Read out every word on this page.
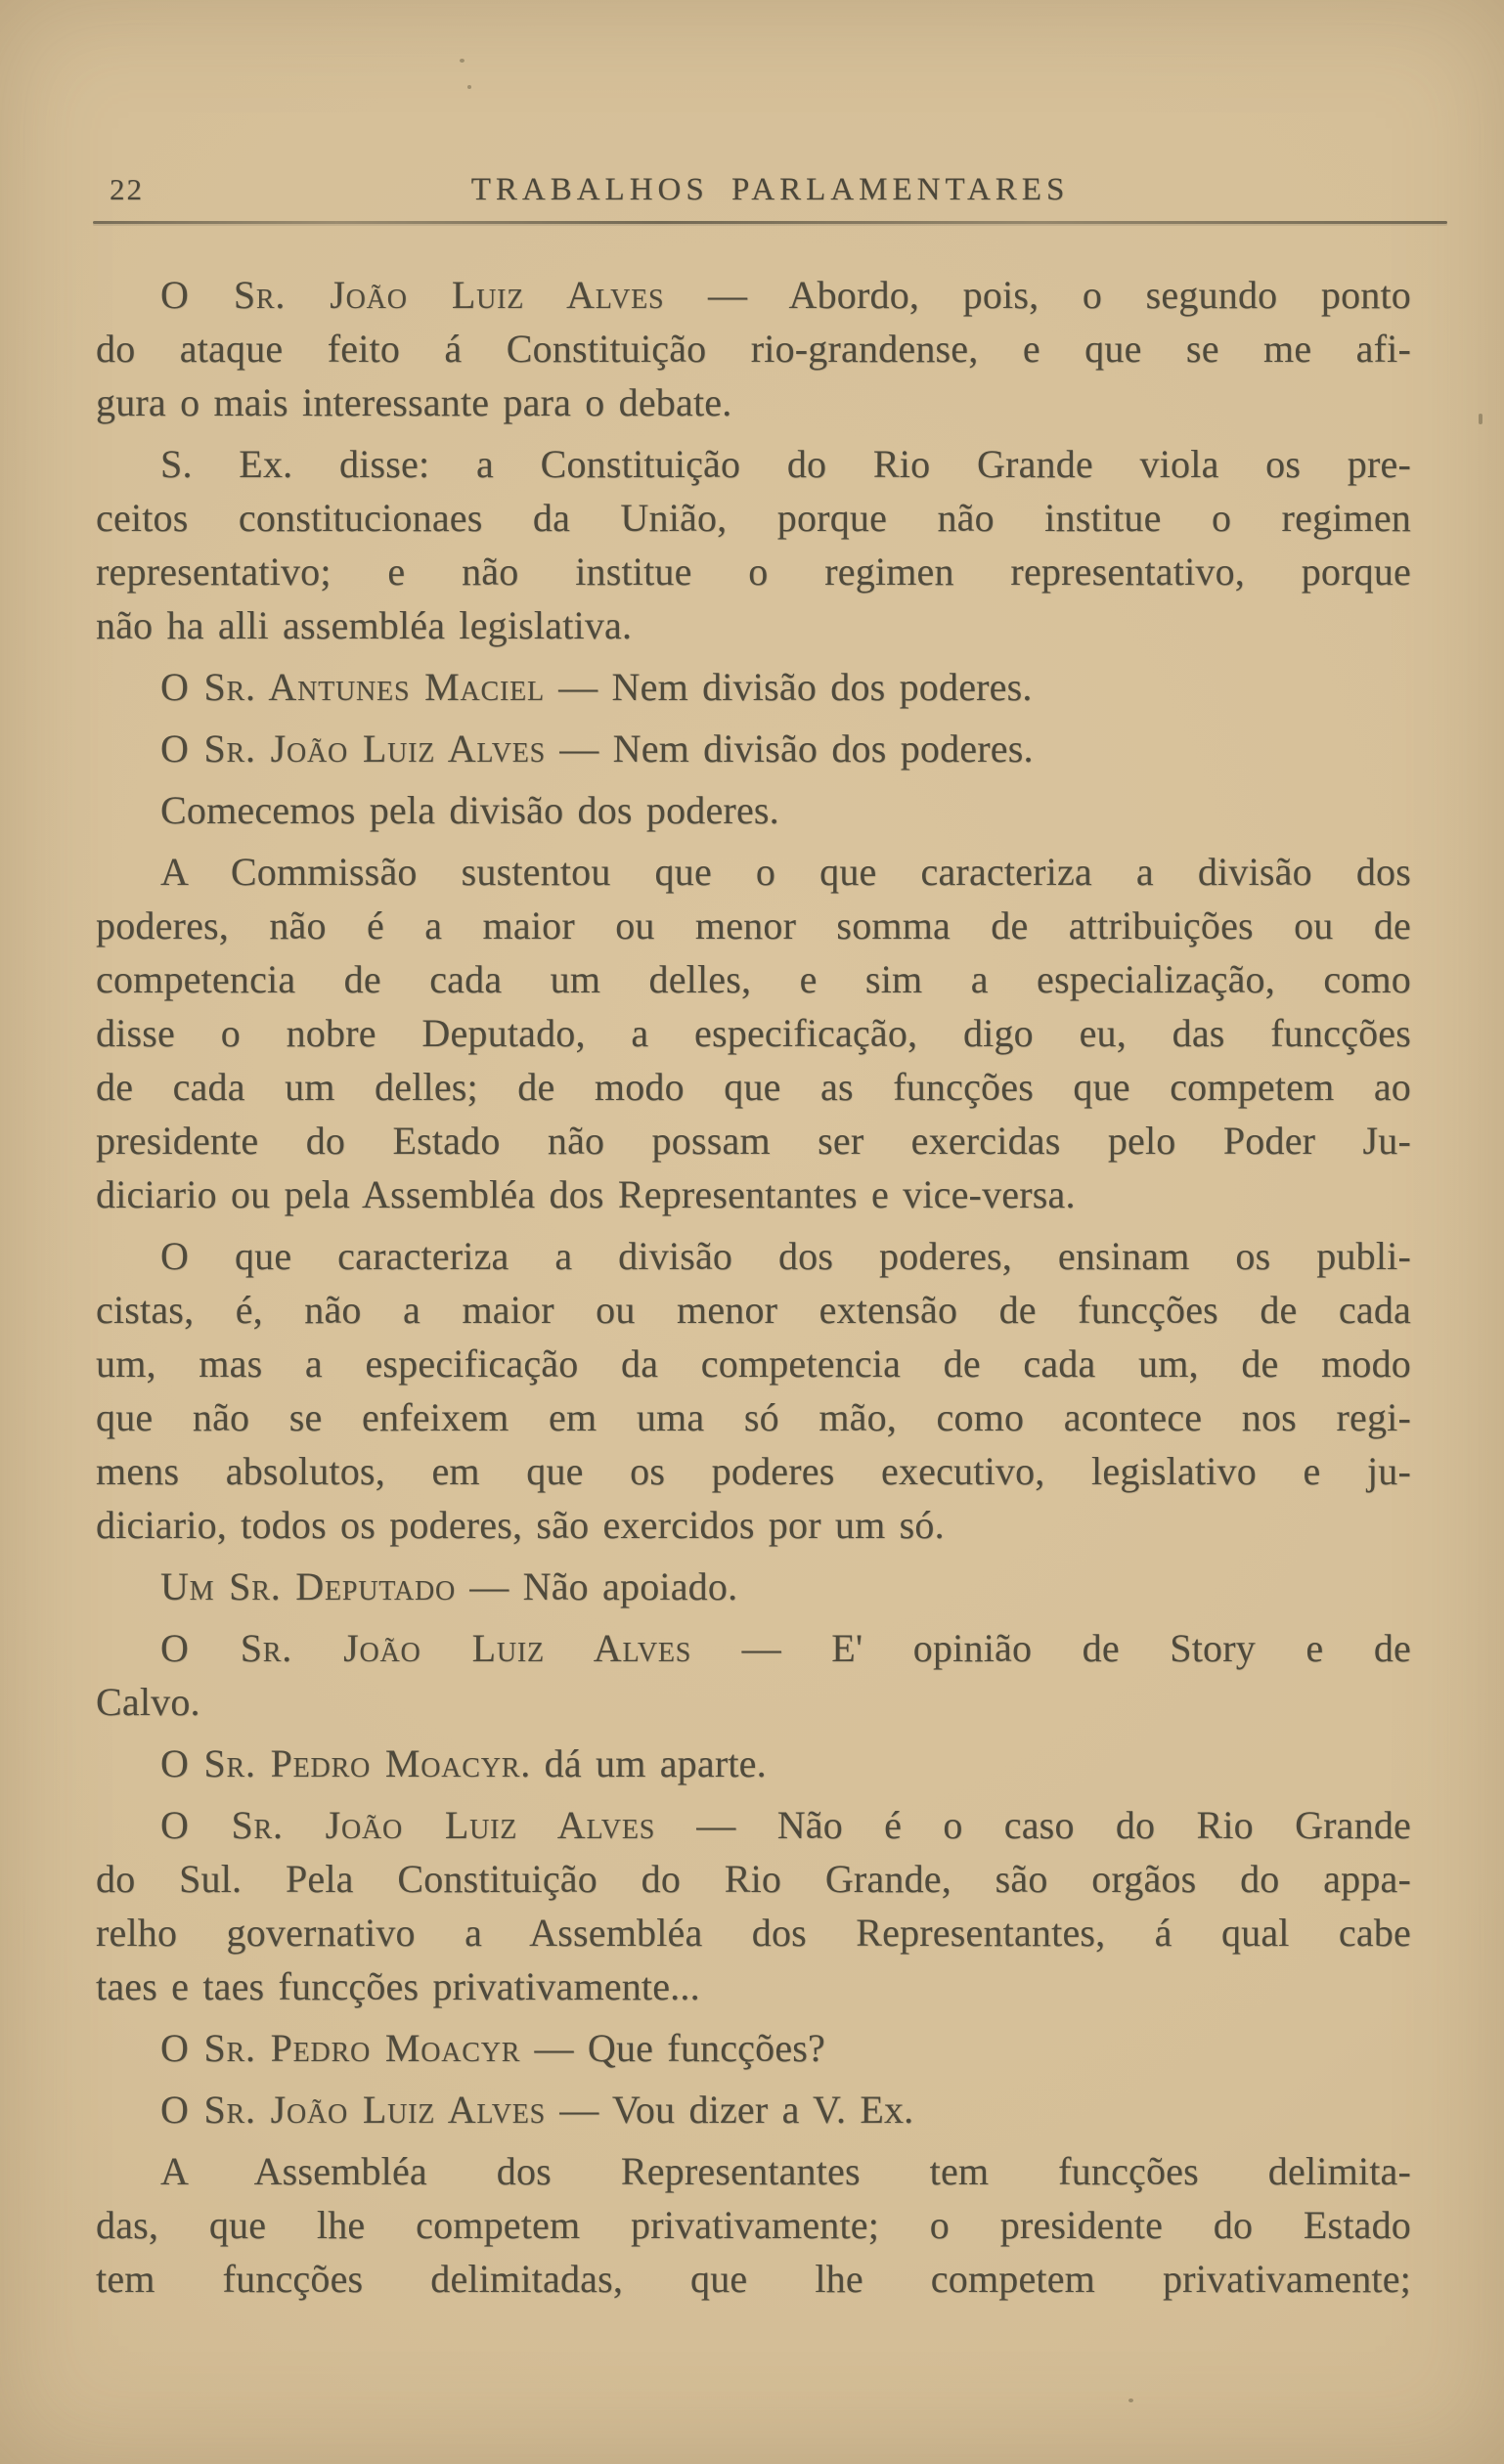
22	TRABALHOS PARLAMENTARES
O Sr. João Luiz Alves — Abordo, pois, o segundo ponto
do ataque feito á Constituição rio-grandense, e que se me afi-
gura o mais interessante para o debate.
S. Ex. disse: a Constituição do Rio Grande viola os pre-
ceitos constitucionaes da União, porque não institue o regimen
representativo; e não institue o regimen representativo, porque
não ha alli assembléa legislativa.
O Sr. Antunes Maciel — Nem divisão dos poderes.
O Sr. João Luiz Alves — Nem divisão dos poderes.
Comecemos pela divisão dos poderes.
A Commissão sustentou que o que caracteriza a divisão dos
poderes, não é a maior ou menor somma de attribuições ou de
competencia de cada um delles, e sim a especialização, como
disse o nobre Deputado, a especificação, digo eu, das funcções
de cada um delles; de modo que as funcções que competem ao
presidente do Estado não possam ser exercidas pelo Poder Ju-
diciario ou pela Assembléa dos Representantes e vice-versa.
O que caracteriza a divisão dos poderes, ensinam os publi-
cistas, é, não a maior ou menor extensão de funcções de cada
um, mas a especificação da competencia de cada um, de modo
que não se enfeixem em uma só mão, como acontece nos regi-
mens absolutos, em que os poderes executivo, legislativo e ju-
diciario, todos os poderes, são exercidos por um só.
Um Sr. Deputado — Não apoiado.
O Sr. João Luiz Alves — E' opinião de Story e de
Calvo.
O Sr. Pedro Moacyr. dá um aparte.
O Sr. João Luiz Alves — Não é o caso do Rio Grande
do Sul. Pela Constituição do Rio Grande, são orgãos do appa-
relho governativo a Assembléa dos Representantes, á qual cabe
taes e taes funcções privativamente...
O Sr. Pedro Moacyr — Que funcções?
O Sr. João Luiz Alves — Vou dizer a V. Ex.
A Assembléa dos Representantes tem funcções delimita-
das, que lhe competem privativamente; o presidente do Estado
tem funcções delimitadas, que lhe competem privativamente;
